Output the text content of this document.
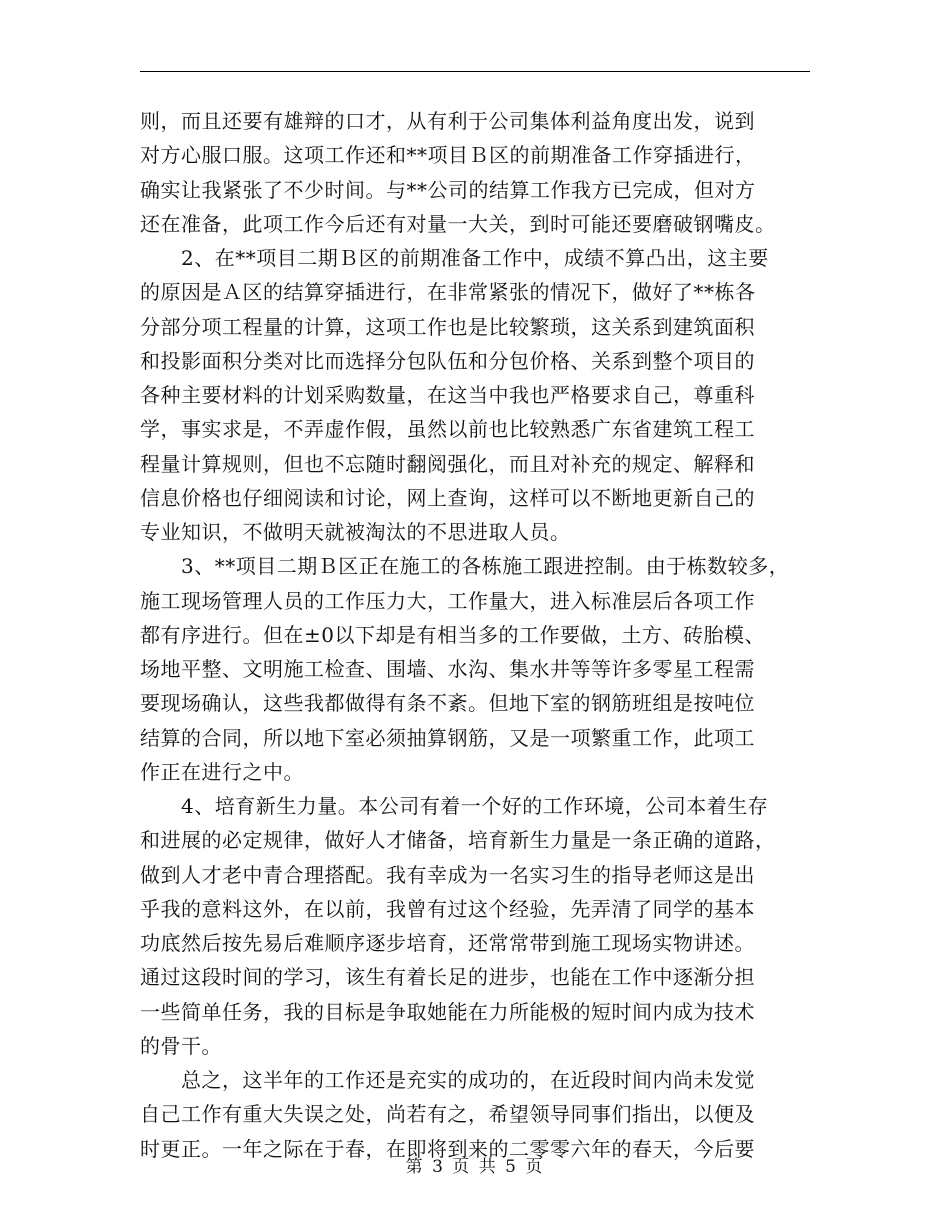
则，而且还要有雄辩的口才，从有利于公司集体利益角度出发，说到
对方心服口服。这项工作还和**项目Ｂ区的前期准备工作穿插进行，
确实让我紧张了不少时间。与**公司的结算工作我方已完成，但对方
还在准备，此项工作今后还有对量一大关，到时可能还要磨破钢嘴皮。
　　2、在**项目二期Ｂ区的前期准备工作中，成绩不算凸出，这主要
的原因是Ａ区的结算穿插进行，在非常紧张的情况下，做好了**栋各
分部分项工程量的计算，这项工作也是比较繁琐，这关系到建筑面积
和投影面积分类对比而选择分包队伍和分包价格、关系到整个项目的
各种主要材料的计划采购数量，在这当中我也严格要求自己，尊重科
学，事实求是，不弄虚作假，虽然以前也比较熟悉广东省建筑工程工
程量计算规则，但也不忘随时翻阅强化，而且对补充的规定、解释和
信息价格也仔细阅读和讨论，网上查询，这样可以不断地更新自己的
专业知识，不做明天就被淘汰的不思进取人员。
　　3、**项目二期Ｂ区正在施工的各栋施工跟进控制。由于栋数较多，
施工现场管理人员的工作压力大，工作量大，进入标准层后各项工作
都有序进行。但在±0以下却是有相当多的工作要做，土方、砖胎模、
场地平整、文明施工检查、围墙、水沟、集水井等等许多零星工程需
要现场确认，这些我都做得有条不紊。但地下室的钢筋班组是按吨位
结算的合同，所以地下室必须抽算钢筋，又是一项繁重工作，此项工
作正在进行之中。
　　4、培育新生力量。本公司有着一个好的工作环境，公司本着生存
和进展的必定规律，做好人才储备，培育新生力量是一条正确的道路，
做到人才老中青合理搭配。我有幸成为一名实习生的指导老师这是出
乎我的意料这外，在以前，我曾有过这个经验，先弄清了同学的基本
功底然后按先易后难顺序逐步培育，还常常带到施工现场实物讲述。
通过这段时间的学习，该生有着长足的进步，也能在工作中逐渐分担
一些简单任务，我的目标是争取她能在力所能极的短时间内成为技术
的骨干。
　　总之，这半年的工作还是充实的成功的，在近段时间内尚未发觉
自己工作有重大失误之处，尚若有之，希望领导同事们指出，以便及
时更正。一年之际在于春，在即将到来的二零零六年的春天，今后要
第 3 页 共 5 页
